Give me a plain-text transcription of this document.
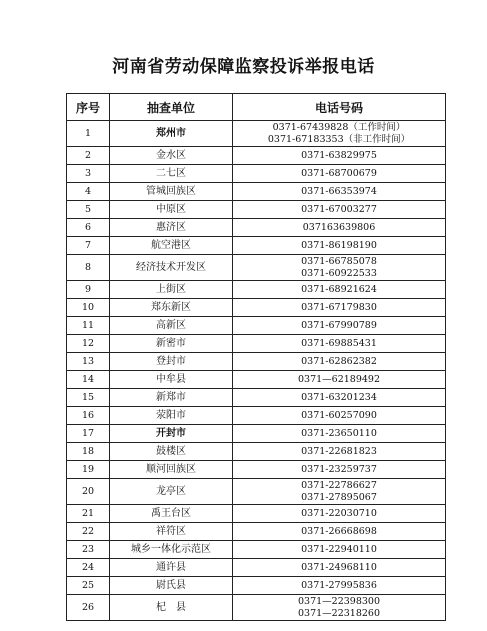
河南省劳动保障监察投诉举报电话
序号	抽查单位	电话号码
1	郑州市	0371-67439828（工作时间）
0371-67183353（非工作时间）

2	金水区	0371-63829975

3	二七区	0371-68700679

4	管城回族区	0371-66353974

5	中原区	0371-67003277

6	惠济区	037163639806

7	航空港区	0371-86198190

8	经济技术开发区	0371-66785078
0371-60922533

9	上街区	0371-68921624

10	郑东新区	0371-67179830

11	高新区	0371-67990789

12	新密市	0371-69885431

13	登封市	0371-62862382

14	中牟县	0371—62189492

15	新郑市	0371-63201234

16	荥阳市	0371-60257090

17	开封市	0371-23650110

18	鼓楼区	0371-22681823

19	顺河回族区	0371-23259737

20	龙亭区	0371-22786627
0371-27895067

21	禹王台区	0371-22030710

22	祥符区	0371-26668698

23	城乡一体化示范区	0371-22940110

24	通许县	0371-24968110

25	尉氏县	0371-27995836

26	杞　县	0371—22398300
0371—22318260
